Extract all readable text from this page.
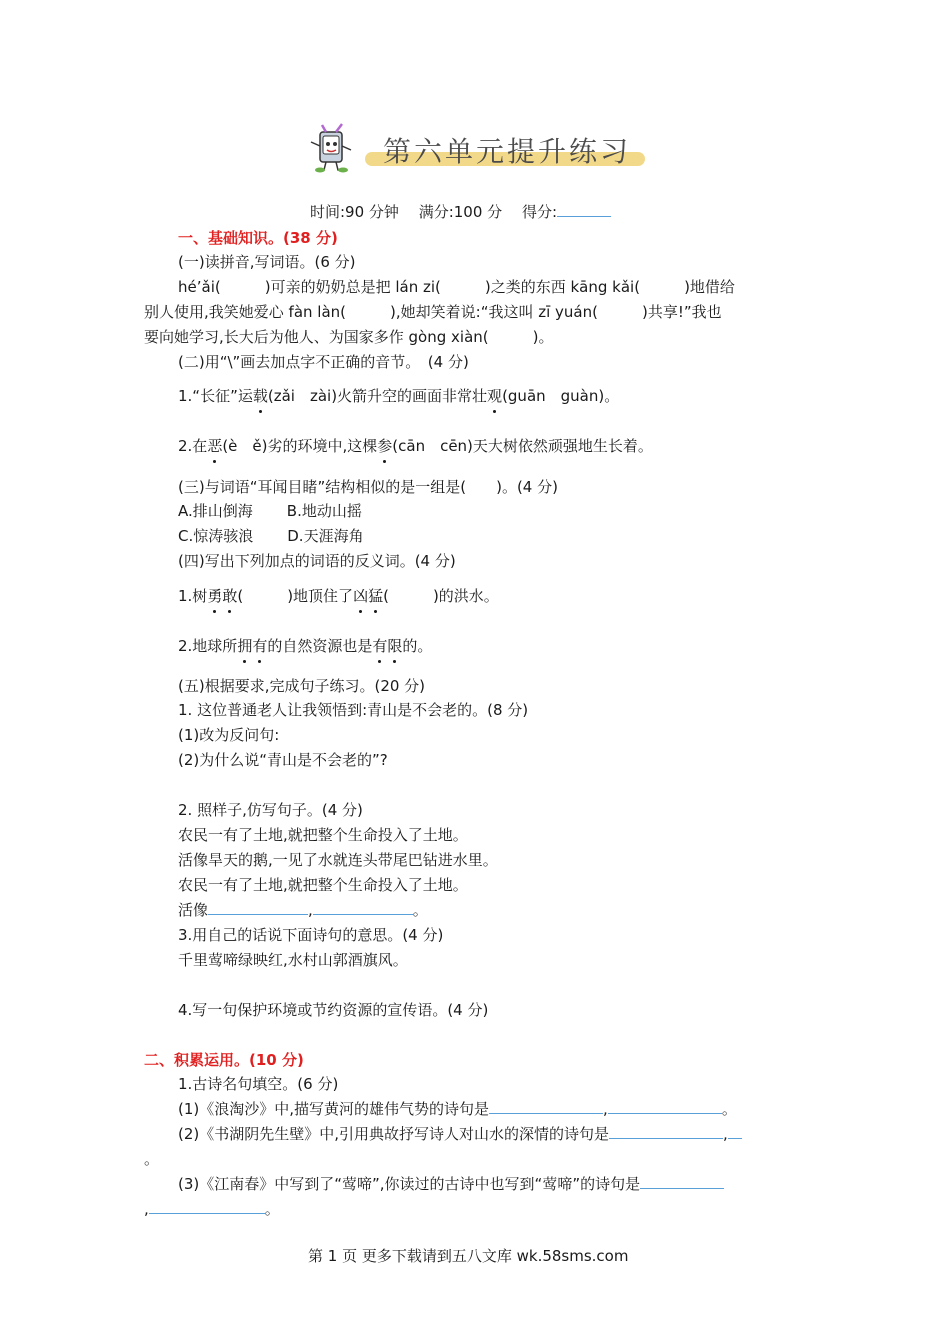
第六单元提升练习
时间:90 分钟　 满分:100 分　 得分:
一、基础知识。(38 分)
(一)读拼音,写词语。(6 分)
hé’ǎi(	)可亲的奶奶总是把 lán zi(	)之类的东西 kāng kǎi(	)地借给
别人使用,我笑她爱心 fàn làn(	),她却笑着说:“我这叫 zī yuán(	)共享!”我也
要向她学习,长大后为他人、为国家多作 gòng xiàn(	)。
(二)用“\”画去加点字不正确的音节。　(4 分)
1.“长征”运载(zǎi　zài)火箭升空的画面非常壮观(guān　guàn)。
2.在恶(è　ě)劣的环境中,这棵参(cān　cēn)天大树依然顽强地生长着。
(三)与词语“耳闻目睹”结构相似的是一组是(　　)。(4 分)
A.排山倒海 B.地动山摇
C.惊涛骇浪 D.天涯海角
(四)写出下列加点的词语的反义词。(4 分)
1.树勇敢(	)地顶住了凶猛(	)的洪水。
2.地球所拥有的自然资源也是有限的。
(五)根据要求,完成句子练习。(20 分)
1. 这位普通老人让我领悟到:青山是不会老的。(8 分)
(1)改为反问句:
(2)为什么说“青山是不会老的”?
2. 照样子,仿写句子。(4 分)
农民一有了土地,就把整个生命投入了土地。
活像旱天的鹅,一见了水就连头带尾巴钻进水里。
农民一有了土地,就把整个生命投入了土地。
活像	,	。
3.用自己的话说下面诗句的意思。(4 分)
千里莺啼绿映红,水村山郭酒旗风。
4.写一句保护环境或节约资源的宣传语。(4 分)
二、积累运用。(10 分)
1.古诗名句填空。(6 分)
(1)《浪淘沙》中,描写黄河的雄伟气势的诗句是	,	。
(2)《书湖阴先生壁》中,引用典故抒写诗人对山水的深情的诗句是	,
。
(3)《江南春》中写到了“莺啼”,你读过的古诗中也写到“莺啼”的诗句是
,	。
第 1 页 更多下载请到五八文库 wk.58sms.com
